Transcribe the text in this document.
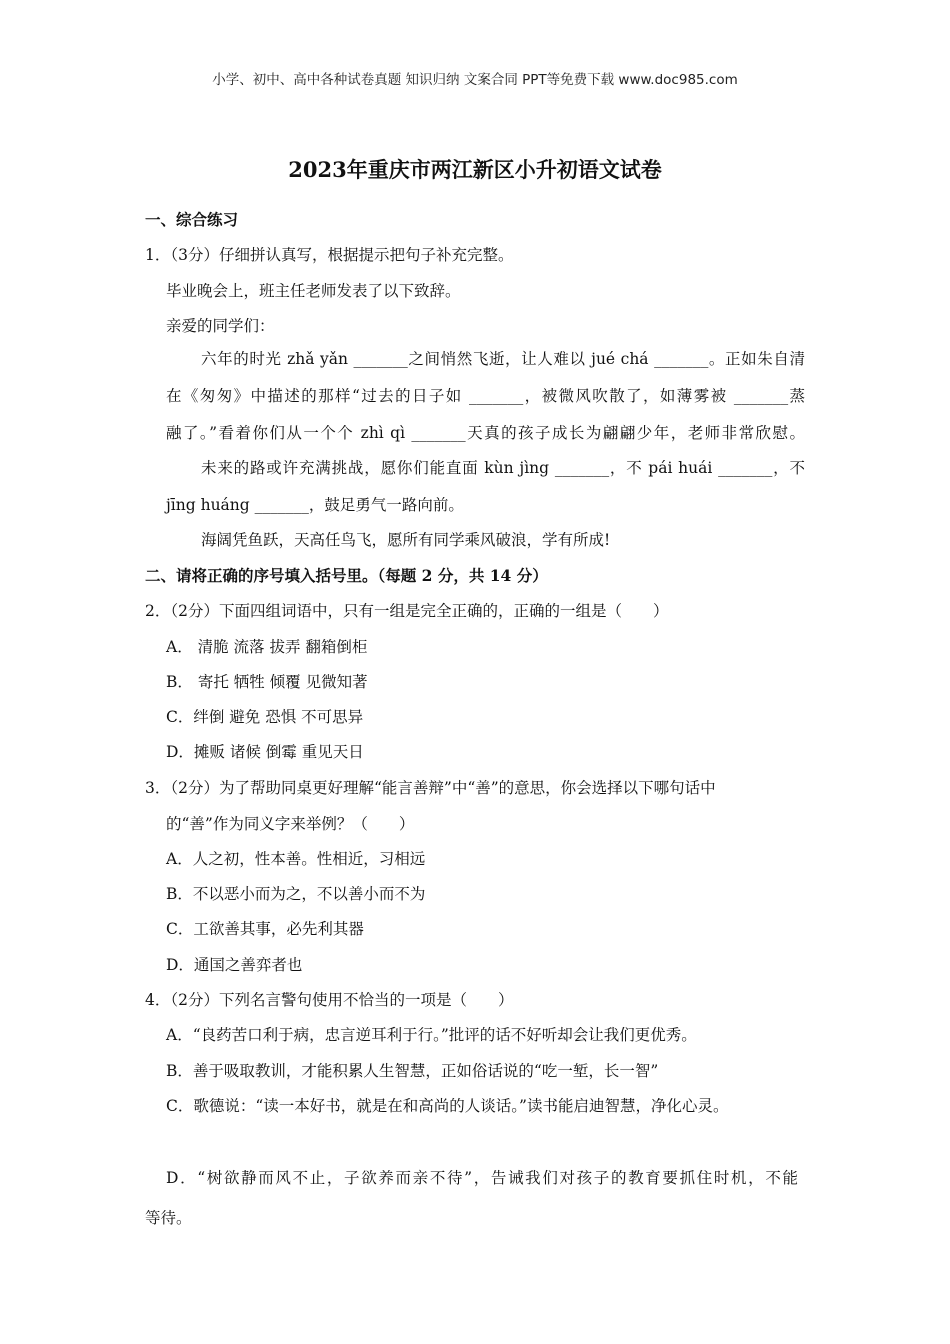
小学、初中、高中各种试卷真题 知识归纳 文案合同 PPT等免费下载 www.doc985.com
2023年重庆市两江新区小升初语文试卷
一、综合练习
1．（3分）仔细拼认真写，根据提示把句子补充完整。
毕业晚会上，班主任老师发表了以下致辞。
亲爱的同学们：
六年的时光 zhǎ yǎn _______之间悄然飞逝，让人难以 jué chá _______。正如朱自清
在《匆匆》中描述的那样“过去的日子如 _______，被微风吹散了，如薄雾被 _______蒸
融了。”看着你们从一个个 zhì qì _______天真的孩子成长为翩翩少年，老师非常欣慰。
未来的路或许充满挑战，愿你们能直面 kùn jìng _______，不 pái huái _______，不
jīng huáng _______，鼓足勇气一路向前。
海阔凭鱼跃，天高任鸟飞，愿所有同学乘风破浪，学有所成!
二、请将正确的序号填入括号里。（每题 2 分，共 14 分）
2．（2分）下面四组词语中，只有一组是完全正确的，正确的一组是（　　）
A． 清脆 流落 拔弄 翻箱倒柜
B． 寄托 牺牲 倾覆 见微知著
C．绊倒 避免 恐惧 不可思异
D．摊贩 诸候 倒霉 重见天日
3．（2分）为了帮助同桌更好理解“能言善辩”中“善”的意思，你会选择以下哪句话中
的“善”作为同义字来举例？（　　）
A．人之初，性本善。性相近，习相远
B．不以恶小而为之，不以善小而不为
C．工欲善其事，必先利其器
D．通国之善弈者也
4．（2分）下列名言警句使用不恰当的一项是（　　）
A．“良药苦口利于病，忠言逆耳利于行。”批评的话不好听却会让我们更优秀。
B．善于吸取教训，才能积累人生智慧，正如俗话说的“吃一堑，长一智”
C．歌德说：“读一本好书，就是在和高尚的人谈话。”读书能启迪智慧，净化心灵。
D．“树欲静而风不止，子欲养而亲不待”，告诫我们对孩子的教育要抓住时机，不能
等待。
